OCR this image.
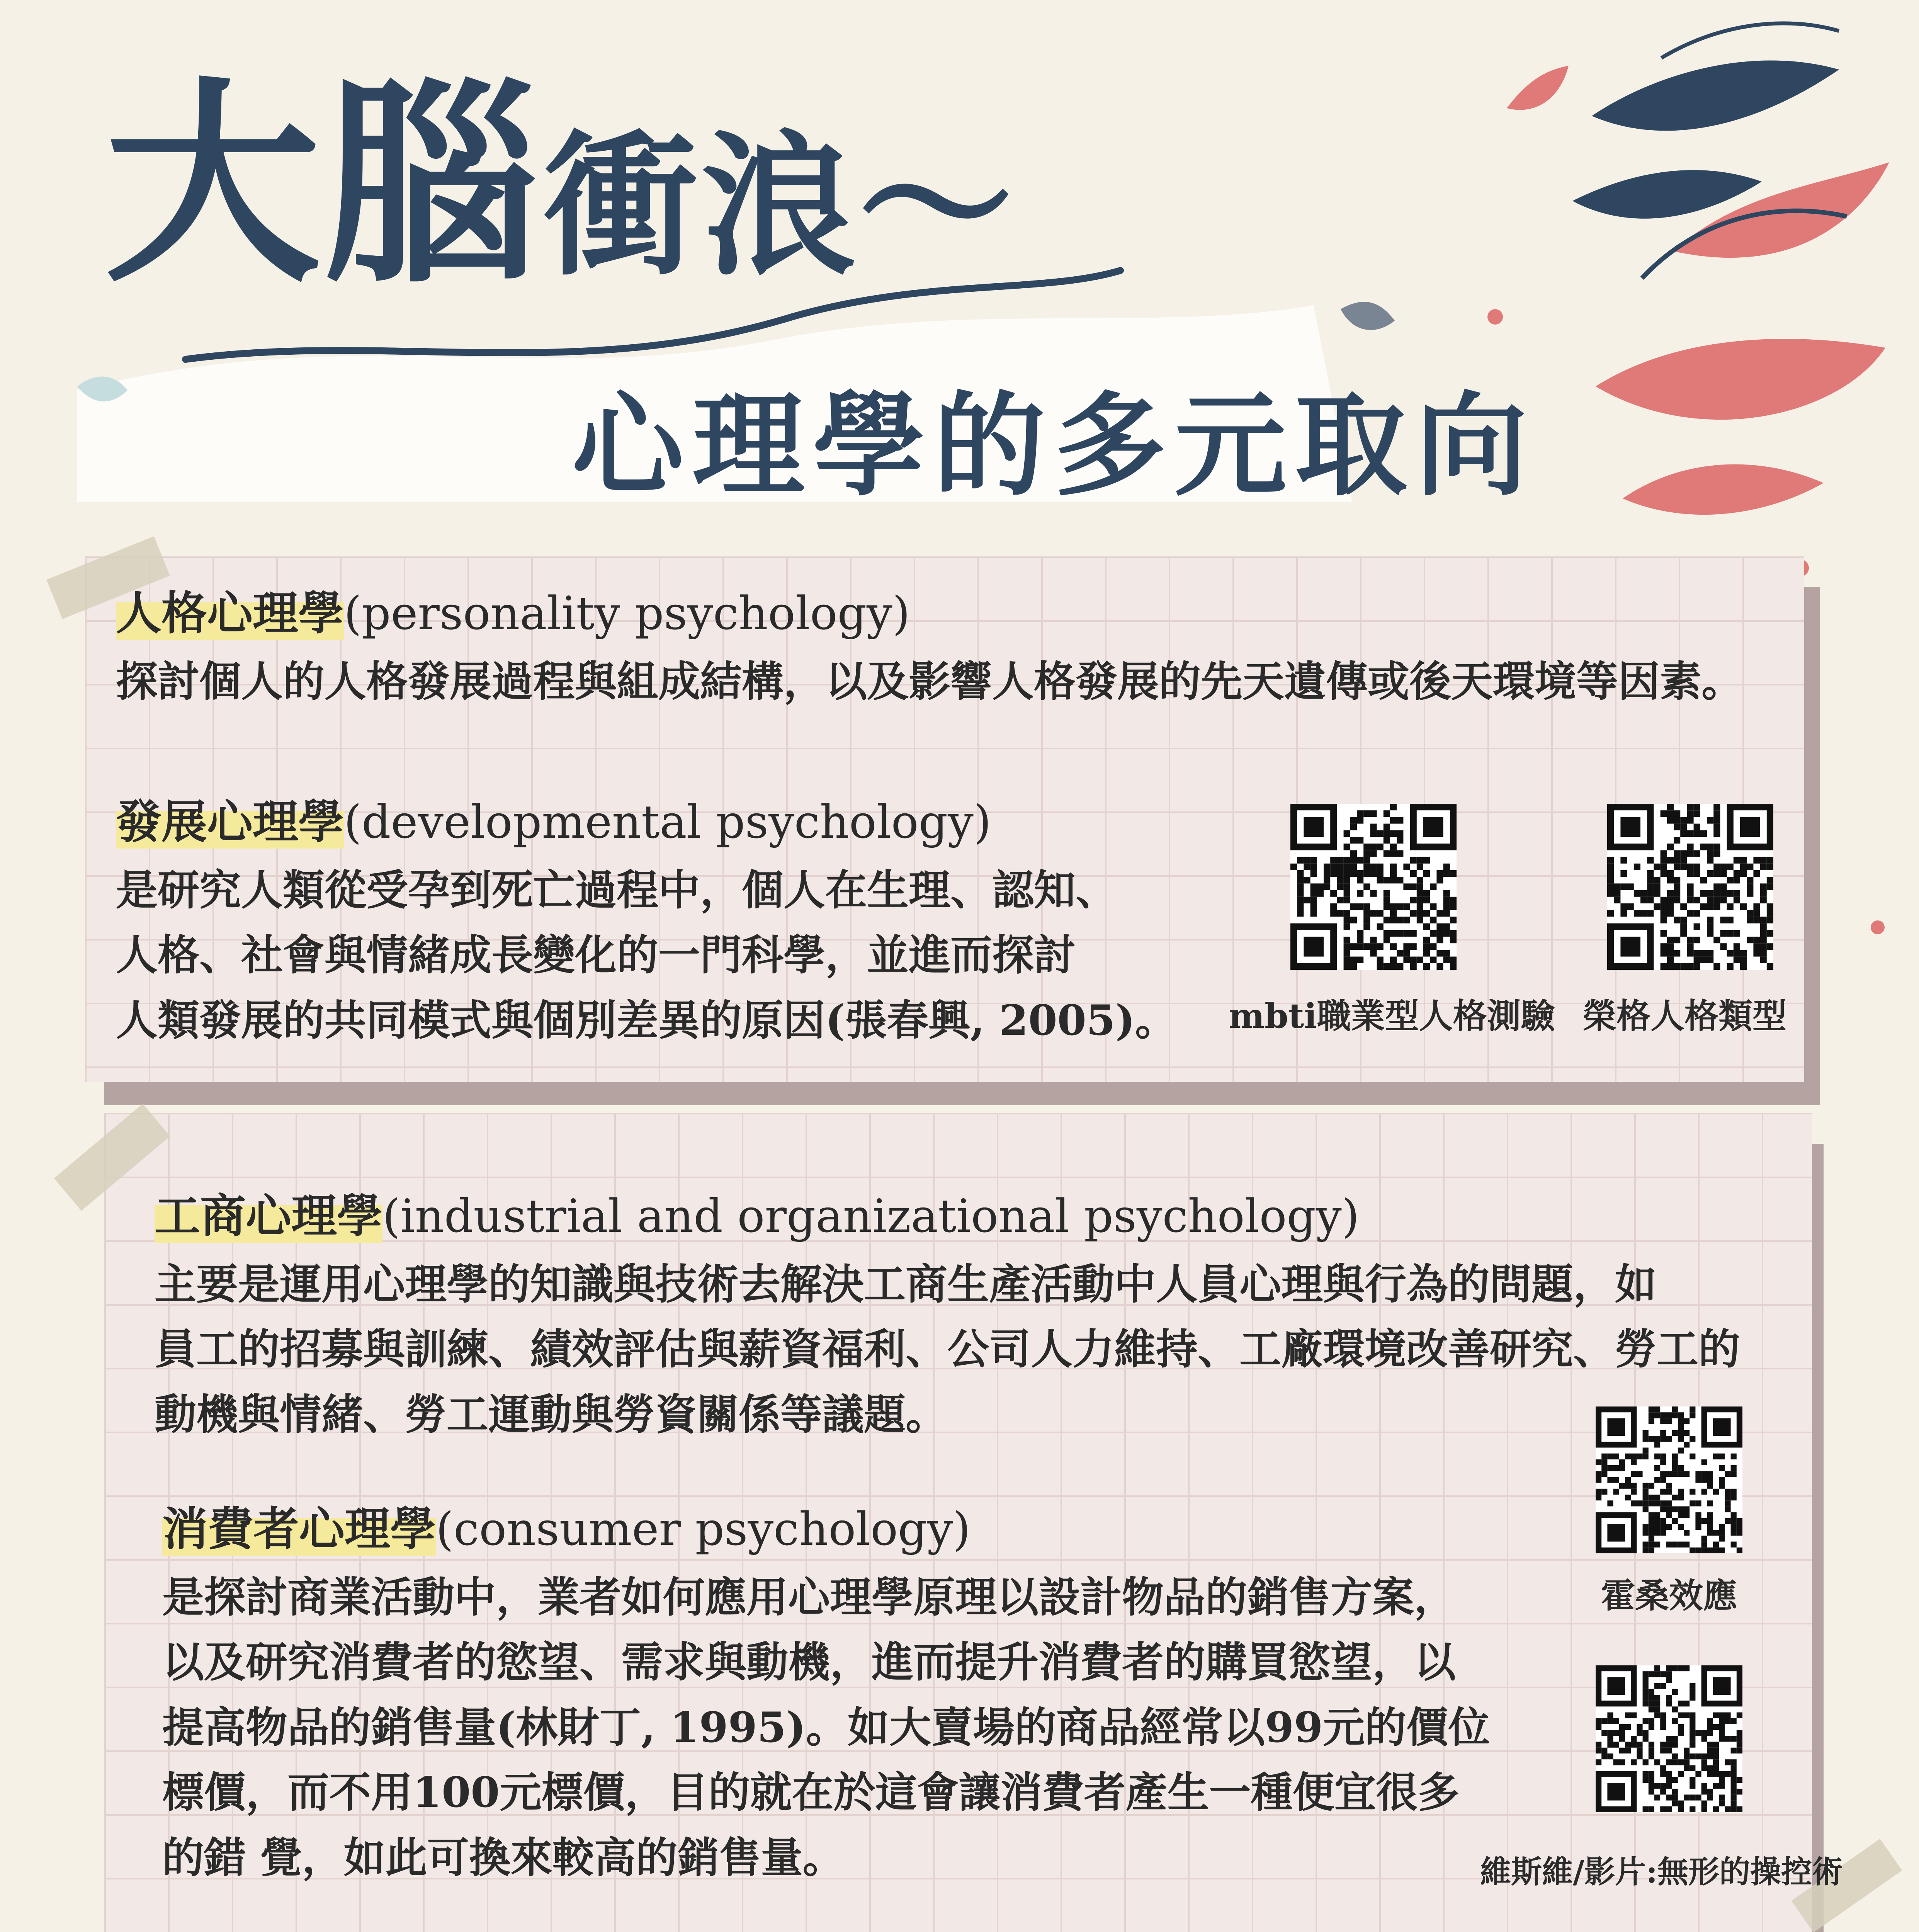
大腦衝浪～
心理學的多元取向
人格心理學(personality psychology)
探討個人的人格發展過程與組成結構，以及影響人格發展的先天遺傳或後天環境等因素。
發展心理學(developmental psychology)
是研究人類從受孕到死亡過程中，個人在生理、認知、
人格、社會與情緒成長變化的一門科學，並進而探討
人類發展的共同模式與個別差異的原因(張春興, 2005)。 mbti職業型人格測驗 榮格人格類型
工商心理學(industrial and organizational psychology)
主要是運用心理學的知識與技術去解決工商生產活動中人員心理與行為的問題，如
員工的招募與訓練、績效評估與薪資福利、公司人力維持、工廠環境改善研究、勞工的
動機與情緒、勞工運動與勞資關係等議題。
消費者心理學(consumer psychology)
是探討商業活動中，業者如何應用心理學原理以設計物品的銷售方案，
以及研究消費者的慾望、需求與動機，進而提升消費者的購買慾望，以
提高物品的銷售量(林財丁, 1995)。如大賣場的商品經常以99元的價位
標價，而不用100元標價，目的就在於這會讓消費者產生一種便宜很多
的錯 覺，如此可換來較高的銷售量。
霍桑效應
維斯維/影片:無形的操控術
